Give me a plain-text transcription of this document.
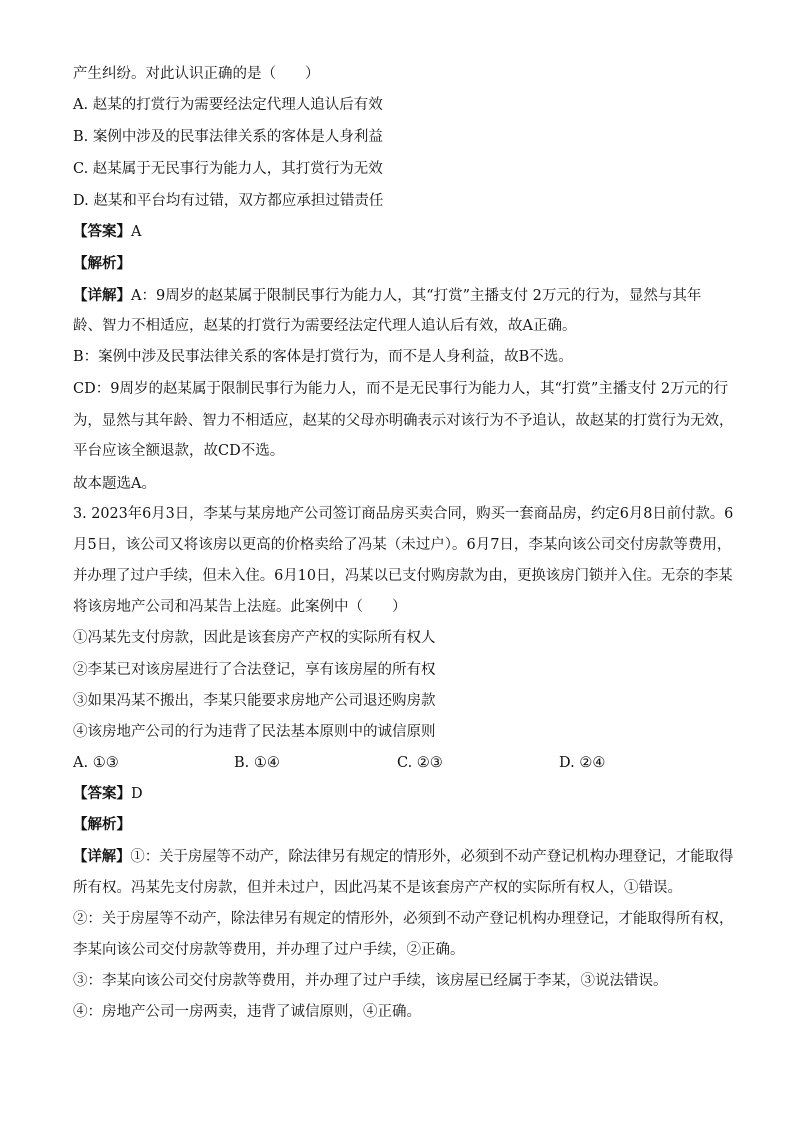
产生纠纷。对此认识正确的是（　　）
A. 赵某的打赏行为需要经法定代理人追认后有效
B. 案例中涉及的民事法律关系的客体是人身利益
C. 赵某属于无民事行为能力人，其打赏行为无效
D. 赵某和平台均有过错，双方都应承担过错责任
【答案】A
【解析】
【详解】A：9周岁的赵某属于限制民事行为能力人，其“打赏”主播支付 2万元的行为，显然与其年
龄、智力不相适应，赵某的打赏行为需要经法定代理人追认后有效，故A正确。
B：案例中涉及民事法律关系的客体是打赏行为，而不是人身利益，故B不选。
CD：9周岁的赵某属于限制民事行为能力人，而不是无民事行为能力人，其“打赏”主播支付 2万元的行
为，显然与其年龄、智力不相适应，赵某的父母亦明确表示对该行为不予追认，故赵某的打赏行为无效，
平台应该全额退款，故CD不选。
故本题选A。
3. 2023年6月3日，李某与某房地产公司签订商品房买卖合同，购买一套商品房，约定6月8日前付款。6
月5日，该公司又将该房以更高的价格卖给了冯某（未过户）。6月7日，李某向该公司交付房款等费用，
并办理了过户手续，但未入住。6月10日，冯某以已支付购房款为由，更换该房门锁并入住。无奈的李某
将该房地产公司和冯某告上法庭。此案例中（　　）
①冯某先支付房款，因此是该套房产产权的实际所有权人
②李某已对该房屋进行了合法登记，享有该房屋的所有权
③如果冯某不搬出，李某只能要求房地产公司退还购房款
④该房地产公司的行为违背了民法基本原则中的诚信原则
A. ①③	B. ①④	C. ②③	D. ②④
【答案】D
【解析】
【详解】①：关于房屋等不动产，除法律另有规定的情形外，必须到不动产登记机构办理登记，才能取得
所有权。冯某先支付房款，但并未过户，因此冯某不是该套房产产权的实际所有权人，①错误。
②：关于房屋等不动产，除法律另有规定的情形外，必须到不动产登记机构办理登记，才能取得所有权，
李某向该公司交付房款等费用，并办理了过户手续，②正确。
③：李某向该公司交付房款等费用，并办理了过户手续，该房屋已经属于李某，③说法错误。
④：房地产公司一房两卖，违背了诚信原则，④正确。
